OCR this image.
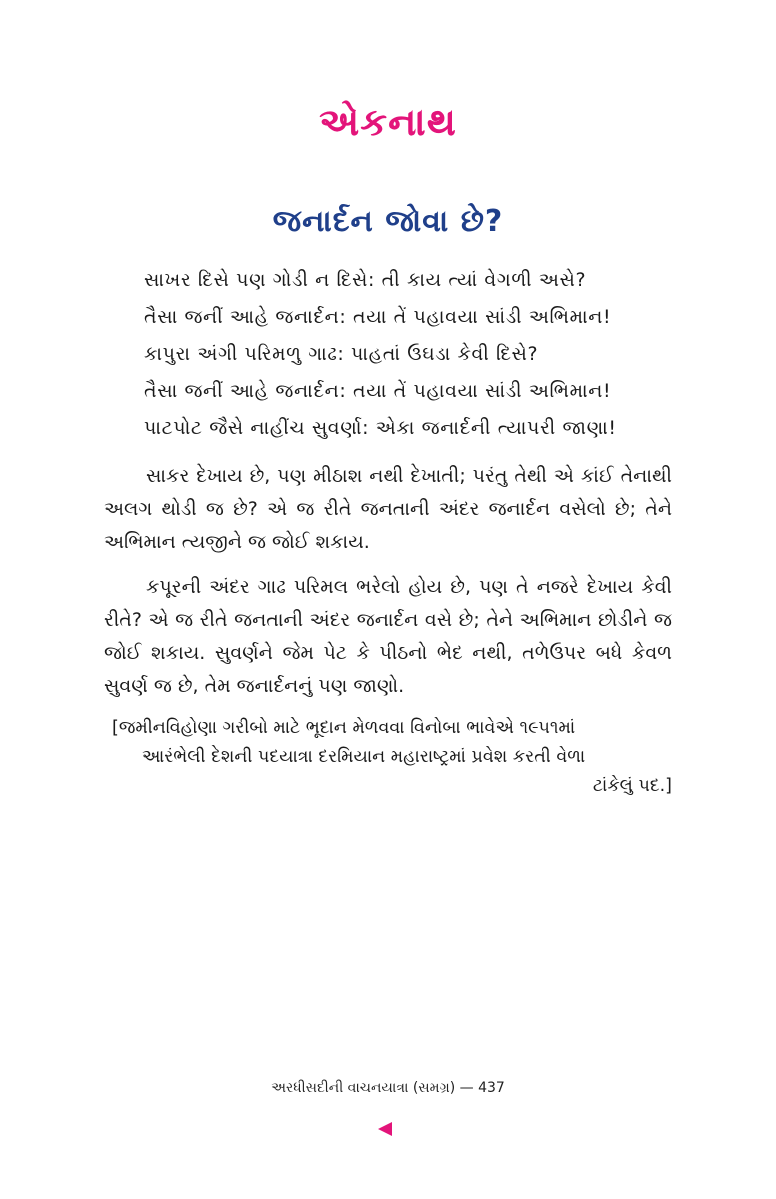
એકનાથ
જનાર્દન જોવા છે?
સાખર દિસે પણ ગોડી ન દિસે: તી કાય ત્યાં વેગળી અસે?
તૈસા જનીં આહે જનાર્દન: તયા તેં પહાવયા સાંડી અભિમાન!
કાપુરા અંગી પરિમળુ ગાઢ: પાહતાં ઉઘડા કેવી દિસે?
તૈસા જનીં આહે જનાર્દન: તયા તેં પહાવયા સાંડી અભિમાન!
પાટપોટ જૈસે નાહીંચ સુવર્ણા: એકા જનાર્દની ત્યાપરી જાણા!

સાકર દેખાય છે, પણ મીઠાશ નથી દેખાતી; પરંતુ તેથી એ કાંઈ તેનાથી અલગ થોડી જ છે? એ જ રીતે જનતાની અંદર જનાર્દન વસેલો છે; તેને અભિમાન ત્યજીને જ જોઈ શકાય.

કપૂરની અંદર ગાઢ પરિમલ ભરેલો હોય છે, પણ તે નજરે દેખાય કેવી રીતે? એ જ રીતે જનતાની અંદર જનાર્દન વસે છે; તેને અભિમાન છોડીને જ જોઈ શકાય. સુવર્ણને જેમ પેટ કે પીઠનો ભેદ નથી, તળેઉપર બધે કેવળ સુવર્ણ જ છે, તેમ જનાર્દનનું પણ જાણો.

[જમીનવિહોણા ગરીબો માટે ભૂદાન મેળવવા વિનોબા ભાવેએ ૧૯૫૧માં
આરંભેલી દેશની પદયાત્રા દરમિયાન મહારાષ્ટ્રમાં પ્રવેશ કરતી વેળા
ટાંકેલું પદ.]
અરધીસદીની વાચનયાત્રા (સમગ્ર) — 437
